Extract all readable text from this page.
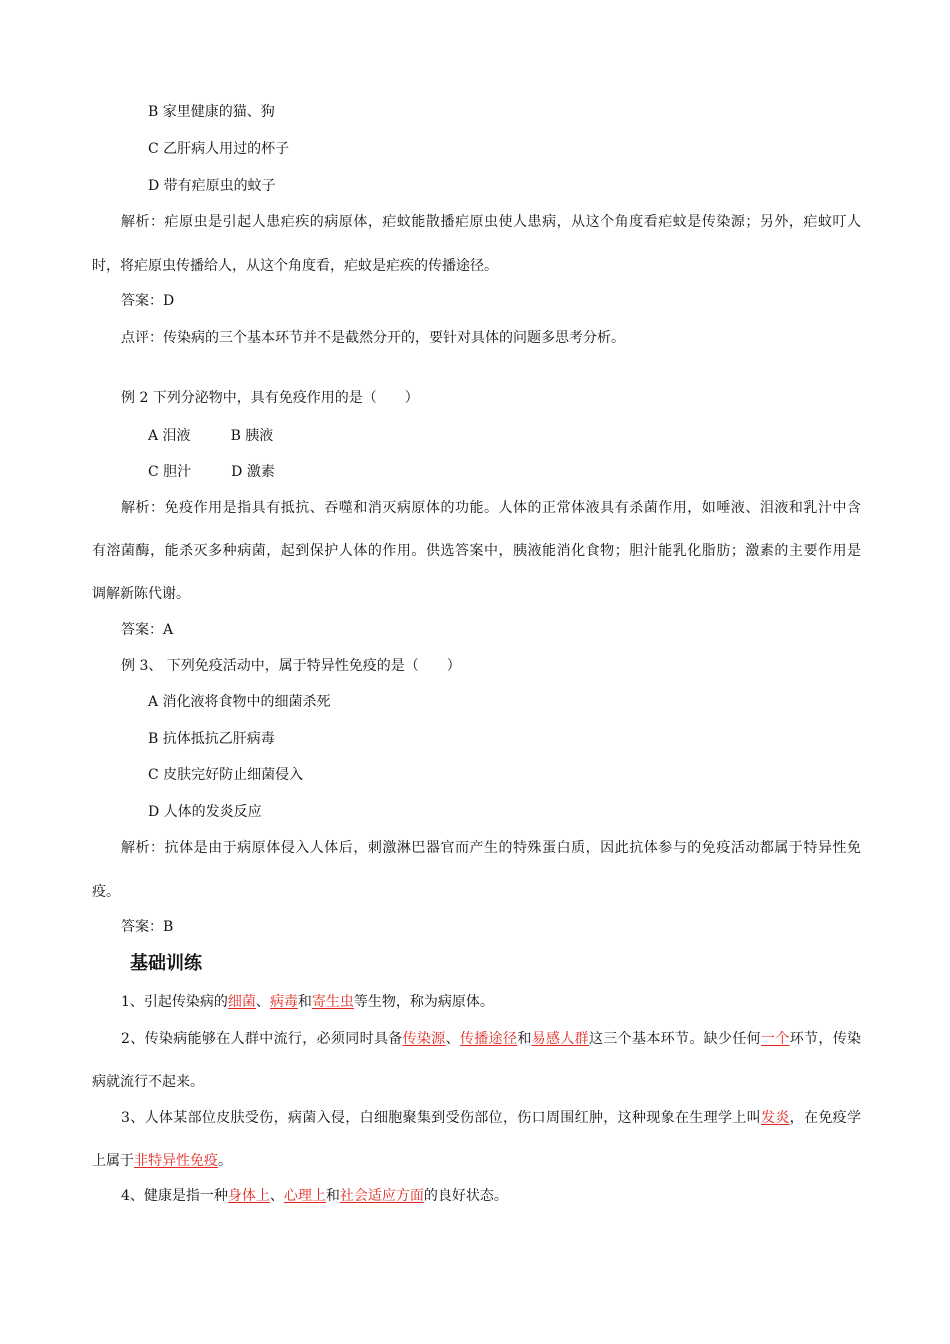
B 家里健康的猫、狗
C 乙肝病人用过的杯子
D 带有疟原虫的蚊子
解析：疟原虫是引起人患疟疾的病原体，疟蚊能散播疟原虫使人患病，从这个角度看疟蚊是传染源；另外，疟蚊叮人
时，将疟原虫传播给人，从这个角度看，疟蚊是疟疾的传播途径。
答案：D
点评：传染病的三个基本环节并不是截然分开的，要针对具体的问题多思考分析。
例 2 下列分泌物中，具有免疫作用的是（　　）
A 泪液	B 胰液
C 胆汁	D 激素
解析：免疫作用是指具有抵抗、吞噬和消灭病原体的功能。人体的正常体液具有杀菌作用，如唾液、泪液和乳汁中含
有溶菌酶，能杀灭多种病菌，起到保护人体的作用。供选答案中，胰液能消化食物；胆汁能乳化脂肪；激素的主要作用是
调解新陈代谢。
答案：A
例 3、 下列免疫活动中，属于特异性免疫的是（　　）
A 消化液将食物中的细菌杀死
B 抗体抵抗乙肝病毒
C 皮肤完好防止细菌侵入
D 人体的发炎反应
解析：抗体是由于病原体侵入人体后，刺激淋巴器官而产生的特殊蛋白质，因此抗体参与的免疫活动都属于特异性免
疫。
答案：B
基础训练
1、引起传染病的细菌、病毒和寄生虫等生物，称为病原体。
2、传染病能够在人群中流行，必须同时具备传染源、传播途径和易感人群这三个基本环节。缺少任何一个环节，传染
病就流行不起来。
3、人体某部位皮肤受伤，病菌入侵，白细胞聚集到受伤部位，伤口周围红肿，这种现象在生理学上叫发炎，在免疫学
上属于非特异性免疫。
4、健康是指一种身体上、心理上和社会适应方面的良好状态。
